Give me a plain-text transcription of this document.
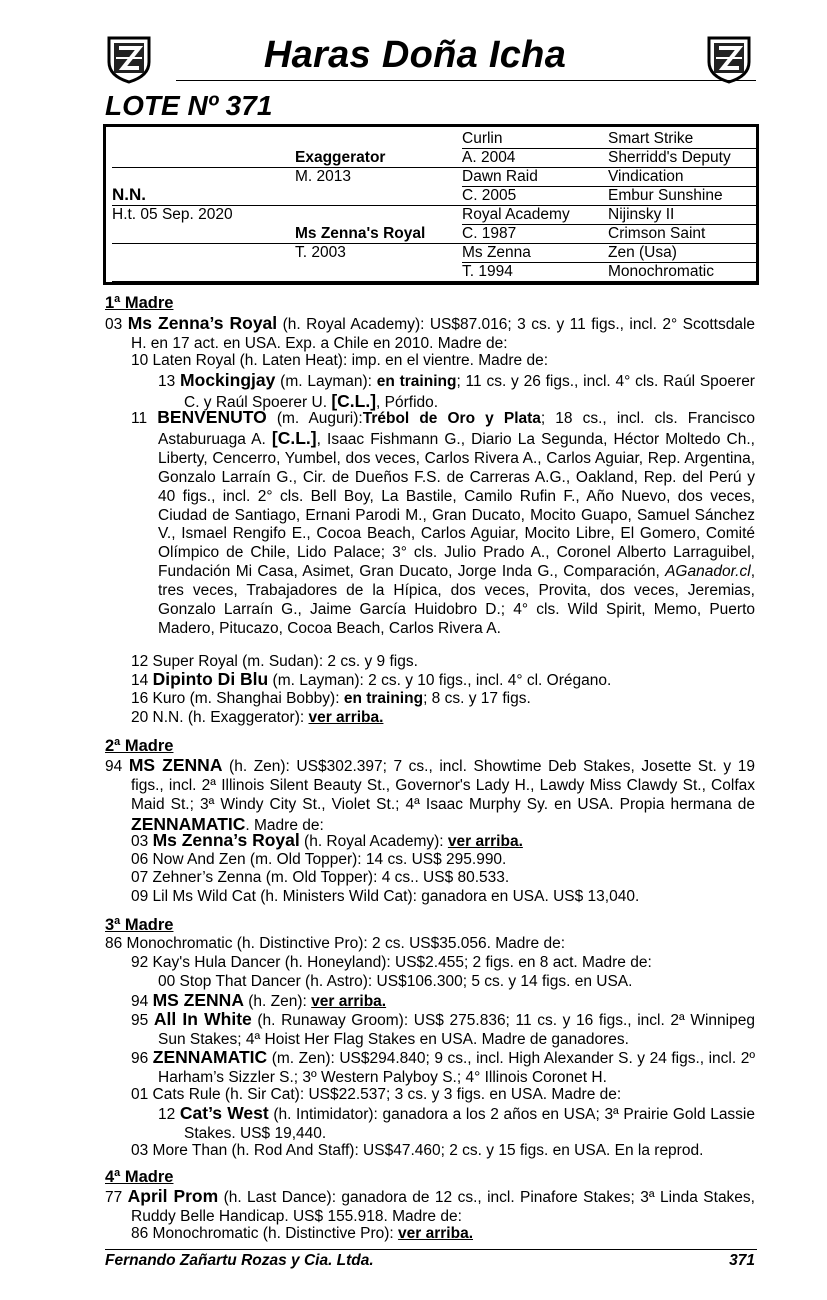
Haras Doña Icha
LOTE Nº 371
Smart Strike
Sherridd's Deputy
Vindication
Embur Sunshine
Nijinsky II
Crimson Saint
Zen (Usa)
Monochromatic
Curlin
A. 2004
Dawn Raid
C. 2005
Royal Academy
C. 1987
Ms Zenna
T. 1994
Exaggerator
M. 2013
Ms Zenna's Royal
T. 2003
N.N.
H.t. 05 Sep. 2020
1ª Madre
03 Ms Zenna’s Royal (h. Royal Academy): US$87.016; 3 cs. y 11 figs., incl. 2° Scottsdale H. en 17 act. en USA. Exp. a Chile en 2010. Madre de:
10 Laten Royal (h. Laten Heat): imp. en el vientre. Madre de:
13 Mockingjay (m. Layman): en training; 11 cs. y 26 figs., incl. 4° cls. Raúl Spoerer C. y Raúl Spoerer U. [C.L.], Pórfido.
11 BENVENUTO (m. Auguri):Trébol de Oro y Plata; 18 cs., incl. cls. Francisco Astaburuaga A. [C.L.], Isaac Fishmann G., Diario La Segunda, Héctor Moltedo Ch., Liberty, Cencerro, Yumbel, dos veces, Carlos Rivera A., Carlos Aguiar, Rep. Argentina, Gonzalo Larraín G., Cir. de Dueños F.S. de Carreras A.G., Oakland, Rep. del Perú y 40 figs., incl. 2° cls. Bell Boy, La Bastile, Camilo Rufin F., Año Nuevo, dos veces, Ciudad de Santiago, Ernani Parodi M., Gran Ducato, Mocito Guapo, Samuel Sánchez V., Ismael Rengifo E., Cocoa Beach, Carlos Aguiar, Mocito Libre, El Gomero, Comité Olímpico de Chile, Lido Palace; 3° cls. Julio Prado A., Coronel Alberto Larraguibel, Fundación Mi Casa, Asimet, Gran Ducato, Jorge Inda G., Comparación, AGanador.cl, tres veces, Trabajadores de la Hípica, dos veces, Provita, dos veces, Jeremias, Gonzalo Larraín G., Jaime García Huidobro D.; 4° cls. Wild Spirit, Memo, Puerto Madero, Pitucazo, Cocoa Beach, Carlos Rivera A.
12 Super Royal (m. Sudan): 2 cs. y 9 figs.
14 Dipinto Di Blu (m. Layman): 2 cs. y 10 figs., incl. 4° cl. Orégano.
16 Kuro (m. Shanghai Bobby): en training; 8 cs. y 17 figs.
20 N.N. (h. Exaggerator): ver arriba.
2ª Madre
94 MS ZENNA (h. Zen): US$302.397; 7 cs., incl. Showtime Deb Stakes, Josette St. y 19 figs., incl. 2ª Illinois Silent Beauty St., Governor's Lady H., Lawdy Miss Clawdy St., Colfax Maid St.; 3ª Windy City St., Violet St.; 4ª Isaac Murphy Sy. en USA. Propia hermana de ZENNAMATIC. Madre de:
03 Ms Zenna’s Royal (h. Royal Academy): ver arriba.
06 Now And Zen (m. Old Topper): 14 cs. US$ 295.990.
07 Zehner’s Zenna (m. Old Topper): 4 cs.. US$ 80.533.
09 Lil Ms Wild Cat (h. Ministers Wild Cat): ganadora en USA. US$ 13,040.
3ª Madre
86 Monochromatic (h. Distinctive Pro): 2 cs. US$35.056. Madre de:
92 Kay's Hula Dancer (h. Honeyland): US$2.455; 2 figs. en 8 act. Madre de:
00 Stop That Dancer (h. Astro): US$106.300; 5 cs. y 14 figs. en USA.
94 MS ZENNA (h. Zen): ver arriba.
95 All In White (h. Runaway Groom): US$ 275.836; 11 cs. y 16 figs., incl. 2ª Winnipeg Sun Stakes; 4ª Hoist Her Flag Stakes en USA. Madre de ganadores.
96 ZENNAMATIC (m. Zen): US$294.840; 9 cs., incl. High Alexander S. y 24 figs., incl. 2º Harham’s Sizzler S.; 3º Western Palyboy S.; 4° Illinois Coronet H.
01 Cats Rule (h. Sir Cat): US$22.537; 3 cs. y 3 figs. en USA. Madre de:
12 Cat’s West (h. Intimidator): ganadora a los 2 años en USA; 3ª Prairie Gold Lassie Stakes. US$ 19,440.
03 More Than (h. Rod And Staff): US$47.460; 2 cs. y 15 figs. en USA. En la reprod.
4ª Madre
77 April Prom (h. Last Dance): ganadora de 12 cs., incl. Pinafore Stakes; 3ª Linda Stakes, Ruddy Belle Handicap. US$ 155.918. Madre de:
86 Monochromatic (h. Distinctive Pro): ver arriba.
Fernando Zañartu Rozas y Cia. Ltda.	371
